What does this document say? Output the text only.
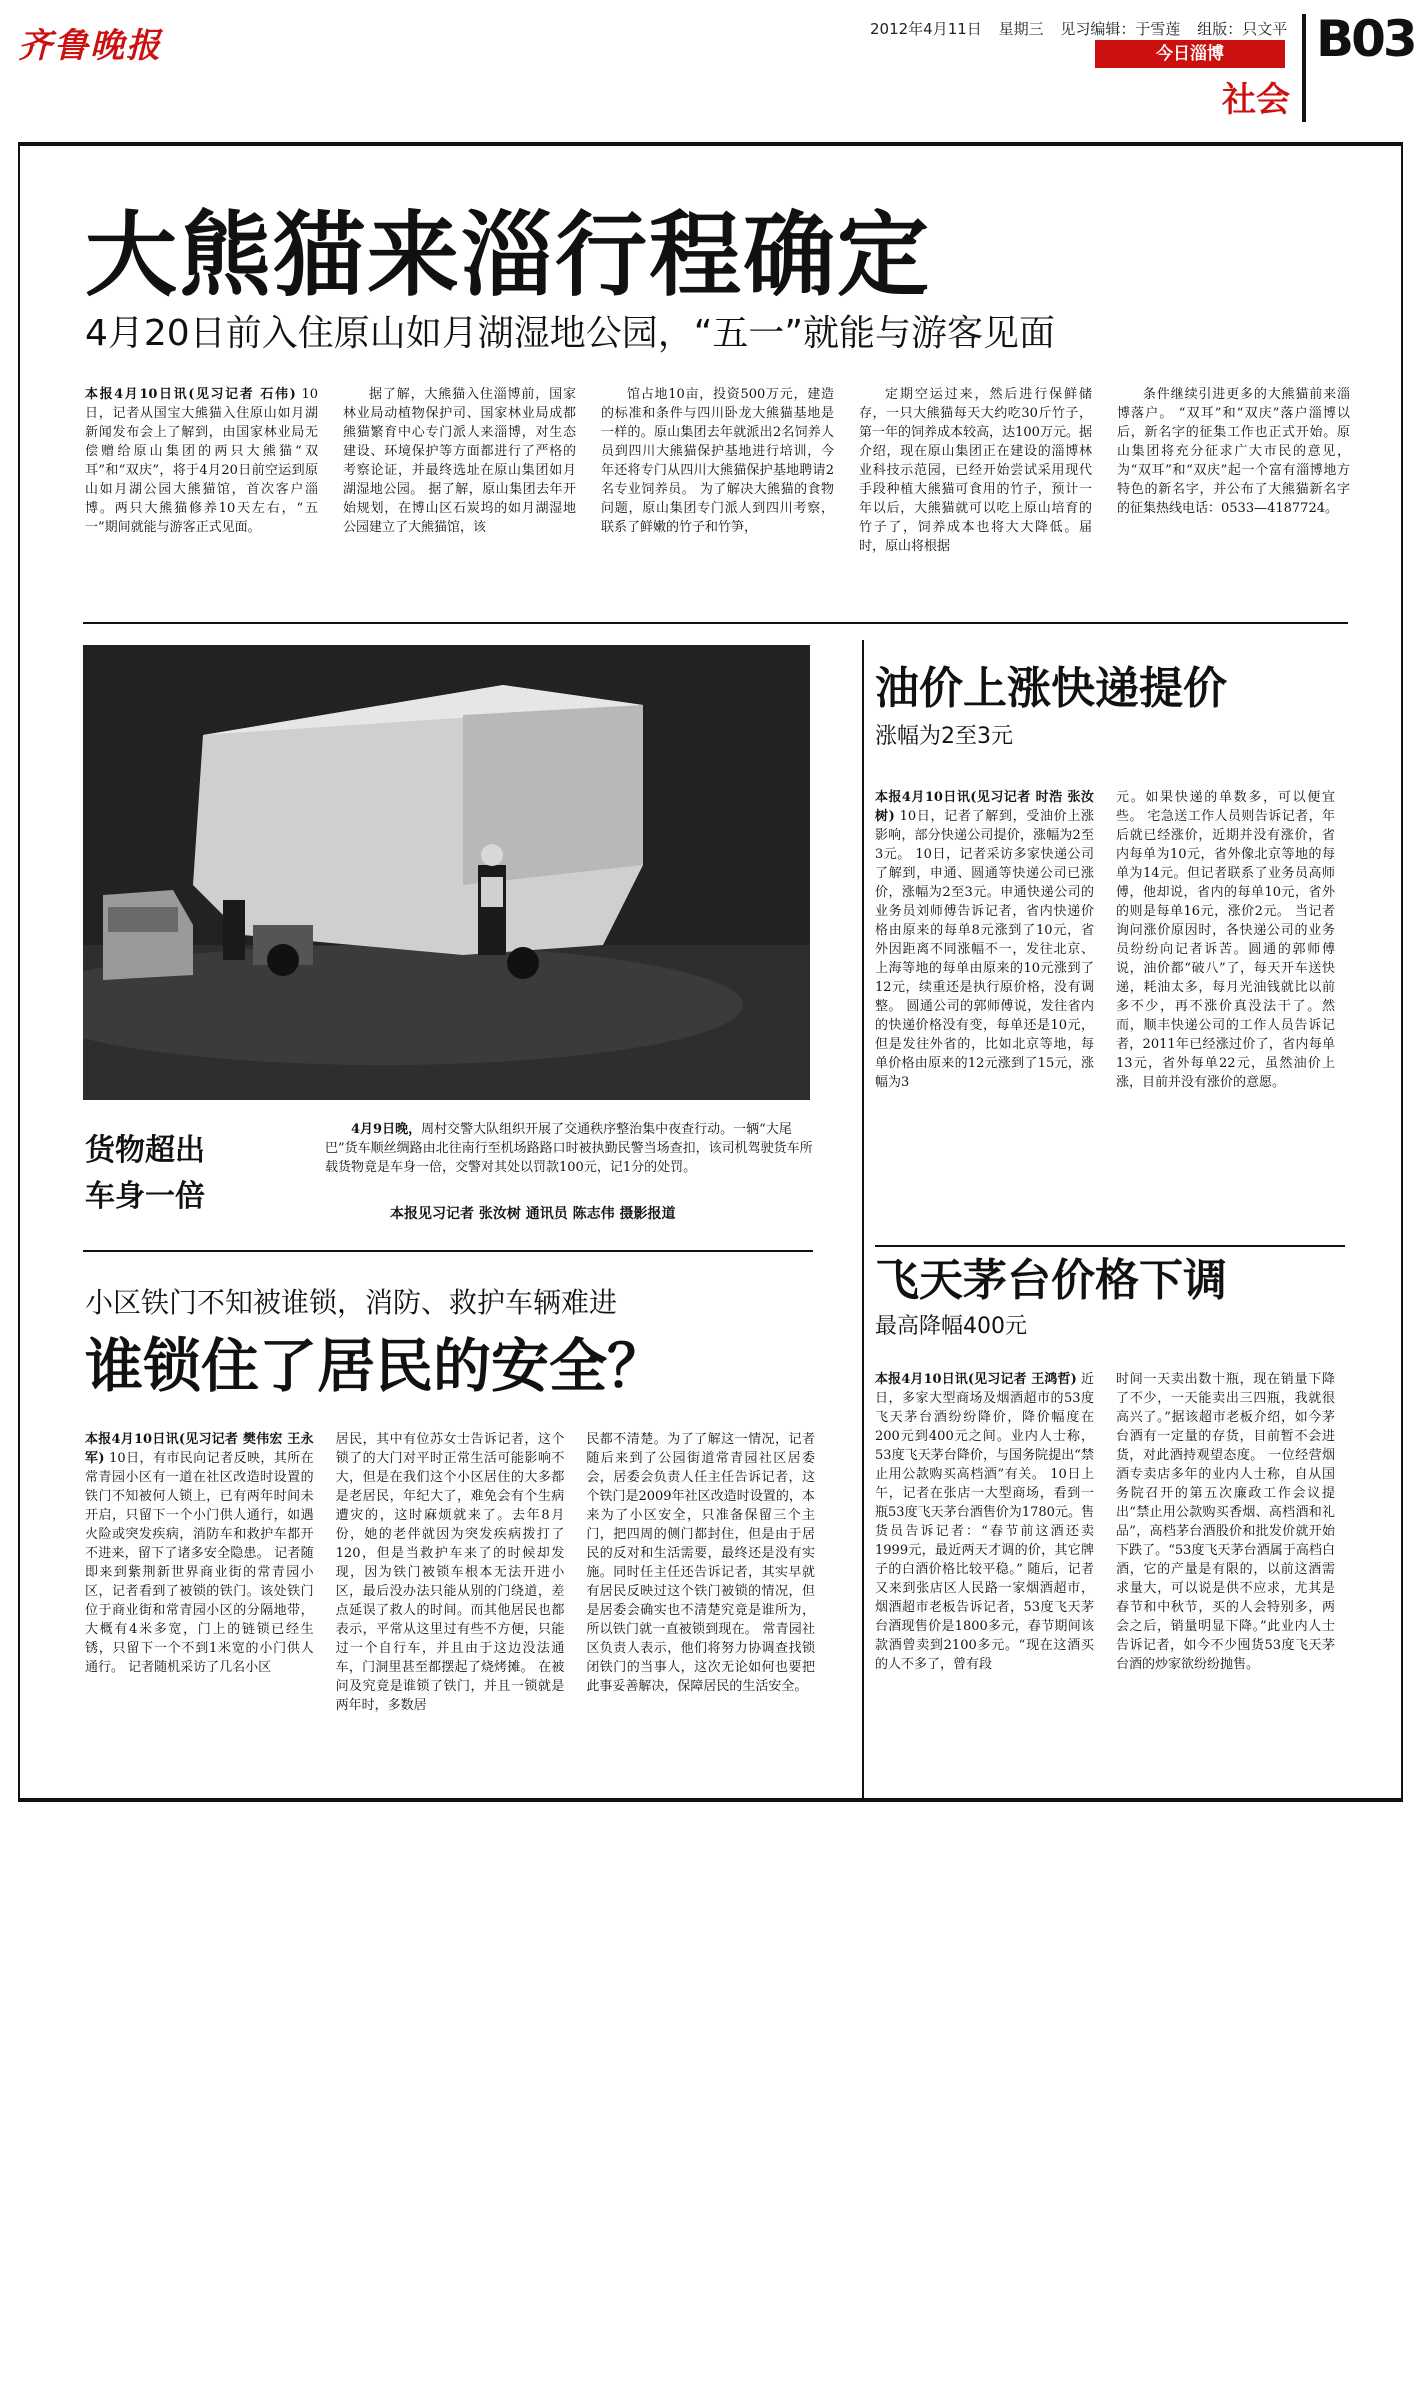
齐鲁晚报	2012年4月11日 星期三 见习编辑：于雪莲 组版：只文平
今日淄博
社会
B03
大熊猫来淄行程确定
4月20日前入住原山如月湖湿地公园，“五一”就能与游客见面
本报4月10日讯(见习记者 石伟) 10日，记者从国宝大熊猫入住原山如月湖新闻发布会上了解到，由国家林业局无偿赠给原山集团的两只大熊猫“双耳”和“双庆”，将于4月20日前空运到原山如月湖公园大熊猫馆，首次客户淄博。两只大熊猫修养10天左右，“五一”期间就能与游客正式见面。

据了解，大熊猫入住淄博前，国家林业局动植物保护司、国家林业局成都熊猫繁育中心专门派人来淄博，对生态建设、环境保护等方面都进行了严格的考察论证，并最终选址在原山集团如月湖湿地公园。 据了解，原山集团去年开始规划，在博山区石炭坞的如月湖湿地公园建立了大熊猫馆，该

馆占地10亩，投资500万元，建造的标准和条件与四川卧龙大熊猫基地是一样的。原山集团去年就派出2名饲养人员到四川大熊猫保护基地进行培训，今年还将专门从四川大熊猫保护基地聘请2名专业饲养员。 为了解决大熊猫的食物问题，原山集团专门派人到四川考察，联系了鲜嫩的竹子和竹笋，

定期空运过来，然后进行保鲜储存，一只大熊猫每天大约吃30斤竹子，第一年的饲养成本较高，达100万元。据介绍，现在原山集团正在建设的淄博林业科技示范园，已经开始尝试采用现代手段种植大熊猫可食用的竹子，预计一年以后，大熊猫就可以吃上原山培育的竹子了，饲养成本也将大大降低。届时，原山将根据

条件继续引进更多的大熊猫前来淄博落户。 “双耳”和“双庆”落户淄博以后，新名字的征集工作也正式开始。原山集团将充分征求广大市民的意见，为“双耳”和“双庆”起一个富有淄博地方特色的新名字，并公布了大熊猫新名字的征集热线电话：0533—4187724。

货物超出
车身一倍
4月9日晚，周村交警大队组织开展了交通秩序整治集中夜查行动。一辆“大尾巴”货车顺丝绸路由北往南行至机场路路口时被执勤民警当场查扣，该司机驾驶货车所载货物竟是车身一倍，交警对其处以罚款100元，记1分的处罚。
本报见习记者 张汝树 通讯员 陈志伟 摄影报道
油价上涨快递提价
涨幅为2至3元
本报4月10日讯(见习记者 时浩 张汝树) 10日，记者了解到，受油价上涨影响，部分快递公司提价，涨幅为2至3元。 10日，记者采访多家快递公司了解到，申通、圆通等快递公司已涨价，涨幅为2至3元。申通快递公司的业务员刘师傅告诉记者，省内快递价格由原来的每单8元涨到了10元，省外因距离不同涨幅不一，发往北京、上海等地的每单由原来的10元涨到了12元，续重还是执行原价格，没有调整。 圆通公司的郭师傅说，发往省内的快递价格没有变，每单还是10元，但是发往外省的，比如北京等地，每单价格由原来的12元涨到了15元，涨幅为3
元。如果快递的单数多，可以便宜些。 宅急送工作人员则告诉记者，年后就已经涨价，近期并没有涨价，省内每单为10元，省外像北京等地的每单为14元。但记者联系了业务员高师傅，他却说，省内的每单10元，省外的则是每单16元，涨价2元。 当记者询问涨价原因时，各快递公司的业务员纷纷向记者诉苦。圆通的郭师傅说，油价都“破八”了，每天开车送快递，耗油太多，每月光油钱就比以前多不少，再不涨价真没法干了。然而，顺丰快递公司的工作人员告诉记者，2011年已经涨过价了，省内每单13元，省外每单22元，虽然油价上涨，目前并没有涨价的意愿。
飞天茅台价格下调
最高降幅400元
本报4月10日讯(见习记者 王鸿哲) 近日，多家大型商场及烟酒超市的53度飞天茅台酒纷纷降价，降价幅度在200元到400元之间。业内人士称，53度飞天茅台降价，与国务院提出“禁止用公款购买高档酒”有关。 10日上午，记者在张店一大型商场，看到一瓶53度飞天茅台酒售价为1780元。售货员告诉记者：“春节前这酒还卖1999元，最近两天才调的价，其它牌子的白酒价格比较平稳。” 随后，记者又来到张店区人民路一家烟酒超市，烟酒超市老板告诉记者，53度飞天茅台酒现售价是1800多元，春节期间该款酒曾卖到2100多元。“现在这酒买的人不多了，曾有段
时间一天卖出数十瓶，现在销量下降了不少，一天能卖出三四瓶，我就很高兴了。”据该超市老板介绍，如今茅台酒有一定量的存货，目前暂不会进货，对此酒持观望态度。 一位经营烟酒专卖店多年的业内人士称，自从国务院召开的第五次廉政工作会议提出“禁止用公款购买香烟、高档酒和礼品”，高档茅台酒股价和批发价就开始下跌了。“53度飞天茅台酒属于高档白酒，它的产量是有限的，以前这酒需求量大，可以说是供不应求，尤其是春节和中秋节，买的人会特别多，两会之后，销量明显下降。”此业内人士告诉记者，如今不少囤货53度飞天茅台酒的炒家欲纷纷抛售。
小区铁门不知被谁锁，消防、救护车辆难进
谁锁住了居民的安全？
本报4月10日讯(见习记者 樊伟宏 王永军) 10日，有市民向记者反映，其所在常青园小区有一道在社区改造时设置的铁门不知被何人锁上，已有两年时间未开启，只留下一个小门供人通行，如遇火险或突发疾病，消防车和救护车都开不进来，留下了诸多安全隐患。 记者随即来到紫荆新世界商业街的常青园小区，记者看到了被锁的铁门。该处铁门位于商业街和常青园小区的分隔地带，大概有4米多宽，门上的链锁已经生锈，只留下一个不到1米宽的小门供人通行。 记者随机采访了几名小区
居民，其中有位苏女士告诉记者，这个锁了的大门对平时正常生活可能影响不大，但是在我们这个小区居住的大多都是老居民，年纪大了，难免会有个生病遭灾的，这时麻烦就来了。去年8月份，她的老伴就因为突发疾病拨打了120，但是当救护车来了的时候却发现，因为铁门被锁车根本无法开进小区，最后没办法只能从别的门绕道，差点延误了救人的时间。而其他居民也都表示，平常从这里过有些不方便，只能过一个自行车，并且由于这边没法通车，门洞里甚至都摆起了烧烤摊。 在被问及究竟是谁锁了铁门，并且一锁就是两年时，多数居
民都不清楚。为了了解这一情况，记者随后来到了公园街道常青园社区居委会，居委会负责人任主任告诉记者，这个铁门是2009年社区改造时设置的，本来为了小区安全，只准备保留三个主门，把四周的侧门都封住，但是由于居民的反对和生活需要，最终还是没有实施。同时任主任还告诉记者，其实早就有居民反映过这个铁门被锁的情况，但是居委会确实也不清楚究竟是谁所为，所以铁门就一直被锁到现在。 常青园社区负责人表示，他们将努力协调查找锁闭铁门的当事人，这次无论如何也要把此事妥善解决，保障居民的生活安全。
